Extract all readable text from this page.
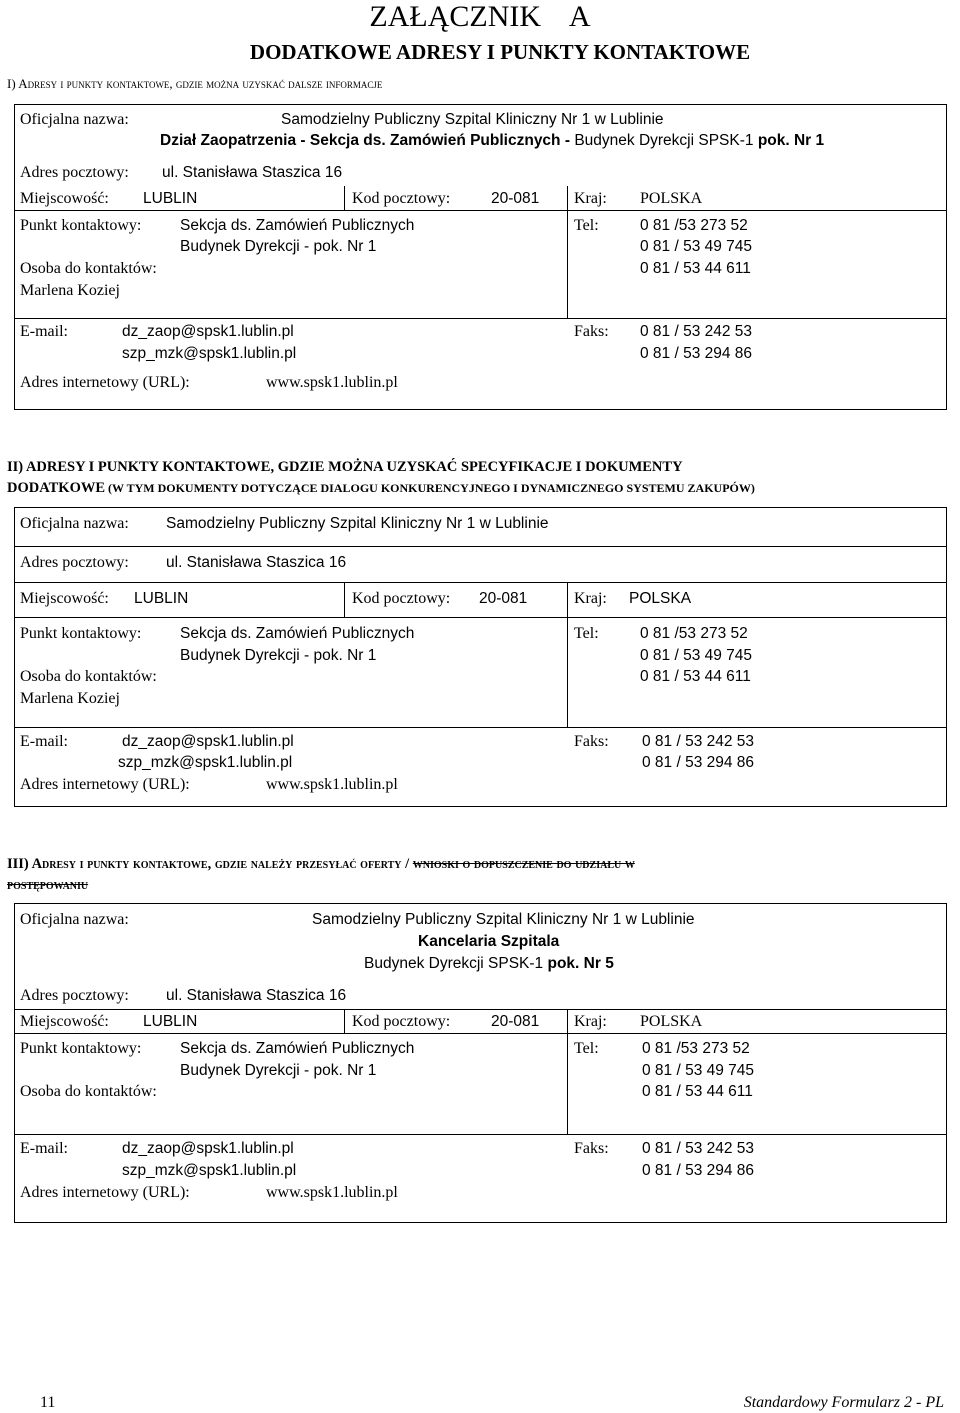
ZAŁĄCZNIK A
DODATKOWE ADRESY I PUNKTY KONTAKTOWE
I) Adresy i punkty kontaktowe, gdzie można uzyskać dalsze informacje
Oficjalna nazwa:	Samodzielny Publiczny Szpital Kliniczny Nr 1 w Lublinie
Dział Zaopatrzenia - Sekcja ds. Zamówień Publicznych - Budynek Dyrekcji SPSK-1 pok. Nr 1
Adres pocztowy: ul. Stanisława Staszica 16
Miejscowość: LUBLIN	Kod pocztowy:	20-081 Kraj: POLSKA
Punkt kontaktowy: Sekcja ds. Zamówień Publicznych
Budynek Dyrekcji - pok. Nr 1
Osoba do kontaktów:
Marlena Koziej
Tel:	0 81 /53 273 52
0 81 / 53 49 745
0 81 / 53 44 611
E-mail:	dz_zaop@spsk1.lublin.pl
szp_mzk@spsk1.lublin.pl
Faks: 0 81 / 53 242 53
0 81 / 53 294 86
Adres internetowy (URL):	www.spsk1.lublin.pl
II) ADRESY I PUNKTY KONTAKTOWE, GDZIE MOŻNA UZYSKAĆ SPECYFIKACJE I DOKUMENTY
DODATKOWE (W TYM DOKUMENTY DOTYCZĄCE DIALOGU KONKURENCYJNEGO I DYNAMICZNEGO SYSTEMU ZAKUPÓW)
Oficjalna nazwa: Samodzielny Publiczny Szpital Kliniczny Nr 1 w Lublinie
Adres pocztowy: ul. Stanisława Staszica 16
Miejscowość: LUBLIN	Kod pocztowy: 20-081	Kraj: POLSKA
Punkt kontaktowy: Sekcja ds. Zamówień Publicznych
Budynek Dyrekcji - pok. Nr 1
Osoba do kontaktów:
Marlena Koziej
Tel:	0 81 /53 273 52
0 81 / 53 49 745
0 81 / 53 44 611
E-mail:	dz_zaop@spsk1.lublin.pl
szp_mzk@spsk1.lublin.pl
Faks: 0 81 / 53 242 53
0 81 / 53 294 86
Adres internetowy (URL):	www.spsk1.lublin.pl
III) Adresy i punkty kontaktowe, gdzie należy przesyłać oferty / wnioski o dopuszczenie do udziału w
postępowaniu
Oficjalna nazwa:	Samodzielny Publiczny Szpital Kliniczny Nr 1 w Lublinie
Kancelaria Szpitala
Budynek Dyrekcji SPSK-1 pok. Nr 5
Adres pocztowy: ul. Stanisława Staszica 16
Miejscowość: LUBLIN	Kod pocztowy:	20-081 Kraj: POLSKA
Punkt kontaktowy: Sekcja ds. Zamówień Publicznych
Budynek Dyrekcji - pok. Nr 1
Osoba do kontaktów:
Tel:	0 81 /53 273 52
0 81 / 53 49 745
0 81 / 53 44 611
E-mail:	dz_zaop@spsk1.lublin.pl
szp_mzk@spsk1.lublin.pl
Faks: 0 81 / 53 242 53
0 81 / 53 294 86
Adres internetowy (URL):	www.spsk1.lublin.pl
11	Standardowy Formularz 2 - PL
